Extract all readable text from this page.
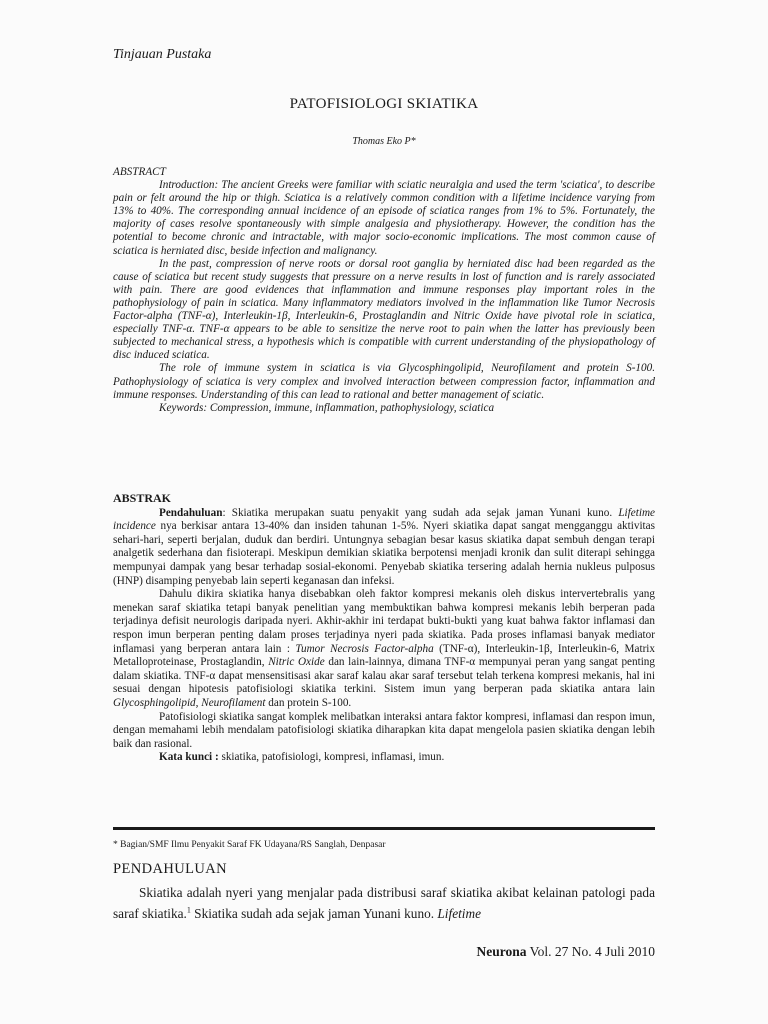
Tinjauan Pustaka
PATOFISIOLOGI SKIATIKA
Thomas Eko P*
ABSTRACT

Introduction: The ancient Greeks were familiar with sciatic neuralgia and used the term 'sciatica', to describe pain or felt around the hip or thigh. Sciatica is a relatively common condition with a lifetime incidence varying from 13% to 40%. The corresponding annual incidence of an episode of sciatica ranges from 1% to 5%. Fortunately, the majority of cases resolve spontaneously with simple analgesia and physiotherapy. However, the condition has the potential to become chronic and intractable, with major socio-economic implications. The most common cause of sciatica is herniated disc, beside infection and malignancy.

In the past, compression of nerve roots or dorsal root ganglia by herniated disc had been regarded as the cause of sciatica but recent study suggests that pressure on a nerve results in lost of function and is rarely associated with pain. There are good evidences that inflammation and immune responses play important roles in the pathophysiology of pain in sciatica. Many inflammatory mediators involved in the inflammation like Tumor Necrosis Factor-alpha (TNF-α), Interleukin-1β, Interleukin-6, Prostaglandin and Nitric Oxide have pivotal role in sciatica, especially TNF-α. TNF-α appears to be able to sensitize the nerve root to pain when the latter has previously been subjected to mechanical stress, a hypothesis which is compatible with current understanding of the physiopathology of disc induced sciatica.

The role of immune system in sciatica is via Glycosphingolipid, Neurofilament and protein S-100. Pathophysiology of sciatica is very complex and involved interaction between compression factor, inflammation and immune responses. Understanding of this can lead to rational and better management of sciatic.

Keywords: Compression, immune, inflammation, pathophysiology, sciatica

ABSTRAK

Pendahuluan: Skiatika merupakan suatu penyakit yang sudah ada sejak jaman Yunani kuno. Lifetime incidence nya berkisar antara 13-40% dan insiden tahunan 1-5%. Nyeri skiatika dapat sangat mengganggu aktivitas sehari-hari, seperti berjalan, duduk dan berdiri. Untungnya sebagian besar kasus skiatika dapat sembuh dengan terapi analgetik sederhana dan fisioterapi. Meskipun demikian skiatika berpotensi menjadi kronik dan sulit diterapi sehingga mempunyai dampak yang besar terhadap sosial-ekonomi. Penyebab skiatika tersering adalah hernia nukleus pulposus (HNP) disamping penyebab lain seperti keganasan dan infeksi.

Dahulu dikira skiatika hanya disebabkan oleh faktor kompresi mekanis oleh diskus intervertebralis yang menekan saraf skiatika tetapi banyak penelitian yang membuktikan bahwa kompresi mekanis lebih berperan pada terjadinya defisit neurologis daripada nyeri. Akhir-akhir ini terdapat bukti-bukti yang kuat bahwa faktor inflamasi dan respon imun berperan penting dalam proses terjadinya nyeri pada skiatika. Pada proses inflamasi banyak mediator inflamasi yang berperan antara lain : Tumor Necrosis Factor-alpha (TNF-α), Interleukin-1β, Interleukin-6, Matrix Metalloproteinase, Prostaglandin, Nitric Oxide dan lain-lainnya, dimana TNF-α mempunyai peran yang sangat penting dalam skiatika. TNF-α dapat mensensitisasi akar saraf kalau akar saraf tersebut telah terkena kompresi mekanis, hal ini sesuai dengan hipotesis patofisiologi skiatika terkini. Sistem imun yang berperan pada skiatika antara lain Glycosphingolipid, Neurofilament dan protein S-100.

Patofisiologi skiatika sangat komplek melibatkan interaksi antara faktor kompresi, inflamasi dan respon imun, dengan memahami lebih mendalam patofisiologi skiatika diharapkan kita dapat mengelola pasien skiatika dengan lebih baik dan rasional.

Kata kunci : skiatika, patofisiologi, kompresi, inflamasi, imun.

* Bagian/SMF Ilmu Penyakit Saraf FK Udayana/RS Sanglah, Denpasar
PENDAHULUAN

Skiatika adalah nyeri yang menjalar pada distribusi saraf skiatika akibat kelainan patologi pada saraf skiatika.$^1$ Skiatika sudah ada sejak jaman Yunani kuno. Lifetime

Neurona Vol. 27 No. 4 Juli 2010
